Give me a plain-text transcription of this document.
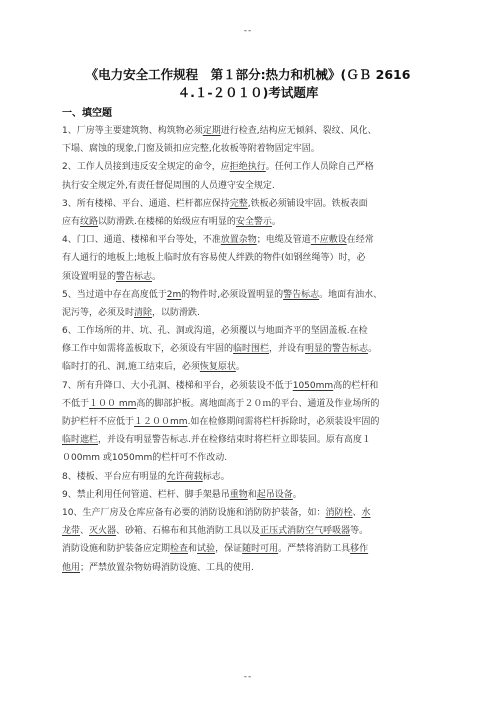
--
《电力安全工作规程　第１部分:热力和机械》(ＧＢ 2616
４.１-２０１０)考试题库
一、填空题
1、厂房等主要建筑物、构筑物必须定期进行检查,结构应无倾斜、裂纹、风化、
下塌、腐蚀的现象,门窗及锁扣应完整,化妆板等附着物固定牢固。
2、工作人员接到违反安全规定的命令，应拒绝执行。任何工作人员除自己严格
执行安全规定外,有责任督促周围的人员遵守安全规定.
3、所有楼梯、平台、通道、栏杆都应保持完整,铁板必须铺设牢固。铁板表面
应有纹路以防滑跌.在楼梯的始级应有明显的安全警示。
4、门口、通道、楼梯和平台等处，不准放置杂物；电缆及管道不应敷设在经常
有人通行的地板上;地板上临时放有容易使人绊跌的物件(如钢丝绳等）时，必
须设置明显的警告标志。
5、当过道中存在高度低于2m的物件时,必须设置明显的警告标志。地面有油水、
泥污等，必须及时清除，以防滑跌.
6、工作场所的井、坑、孔、洞或沟道，必须覆以与地面齐平的坚固盖板.在检
修工作中如需将盖板取下，必须设有牢固的临时围栏，并设有明显的警告标志。
临时打的孔、洞,施工结束后，必须恢复原状。
7、所有升降口、大小孔洞、楼梯和平台，必须装设不低于1050mm高的栏杆和
不低于１００ mm高的脚部护板。离地面高于２０ｍ的平台、通道及作业场所的
防护栏杆不应低于１２００mm.如在检修期间需将栏杆拆除时，必须装设牢固的
临时遮栏，并设有明显警告标志.并在检修结束时将栏杆立即装回。原有高度１
０00mm 或1050mm的栏杆可不作改动.
8、楼板、平台应有明显的允许荷载标志。
9、禁止利用任何管道、栏杆、脚手架悬吊重物和起吊设备。
10、生产厂房及仓库应备有必要的消防设施和消防防护装备，如：消防栓、水
龙带、灭火器、砂箱、石棉布和其他消防工具以及正压式消防空气呼吸器等。
消防设施和防护装备应定期检查和试验，保证随时可用。严禁将消防工具移作
他用；严禁放置杂物妨碍消防设施、工具的使用.
--
